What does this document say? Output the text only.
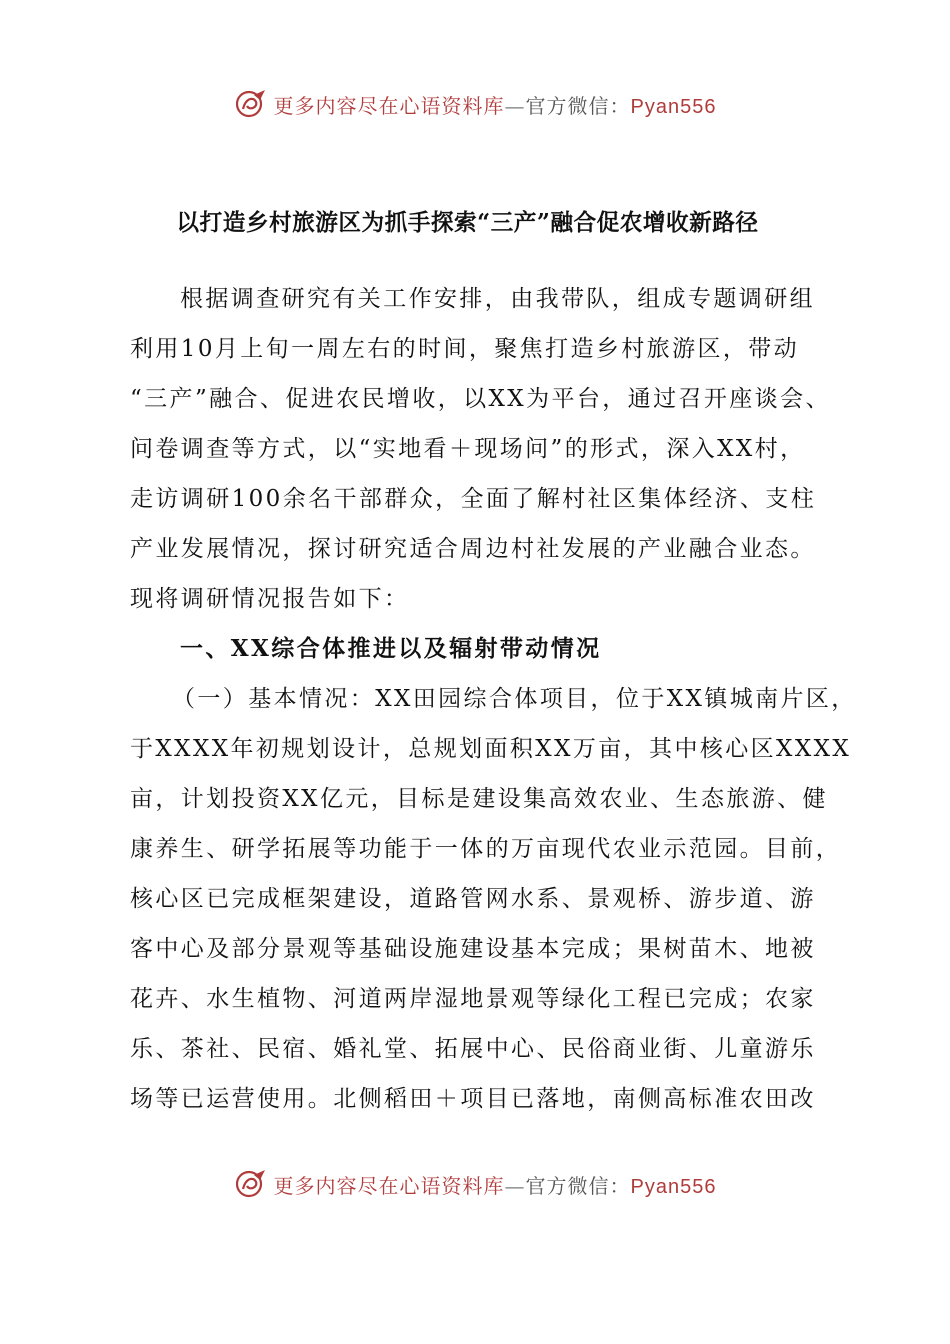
更多内容尽在心语资料库—官方微信：Pyan556
以打造乡村旅游区为抓手探索“三产”融合促农增收新路径
根据调查研究有关工作安排，由我带队，组成专题调研组
利用10月上旬一周左右的时间，聚焦打造乡村旅游区，带动
“三产”融合、促进农民增收，以XX为平台，通过召开座谈会、
问卷调查等方式，以“实地看＋现场问”的形式，深入XX村，
走访调研100余名干部群众，全面了解村社区集体经济、支柱
产业发展情况，探讨研究适合周边村社发展的产业融合业态。
现将调研情况报告如下：
一、XX综合体推进以及辐射带动情况
（一）基本情况：XX田园综合体项目，位于XX镇城南片区，
于XXXX年初规划设计，总规划面积XX万亩，其中核心区XXXX
亩，计划投资XX亿元，目标是建设集高效农业、生态旅游、健
康养生、研学拓展等功能于一体的万亩现代农业示范园。目前，
核心区已完成框架建设，道路管网水系、景观桥、游步道、游
客中心及部分景观等基础设施建设基本完成；果树苗木、地被
花卉、水生植物、河道两岸湿地景观等绿化工程已完成；农家
乐、茶社、民宿、婚礼堂、拓展中心、民俗商业街、儿童游乐
场等已运营使用。北侧稻田＋项目已落地，南侧高标准农田改
更多内容尽在心语资料库—官方微信：Pyan556
